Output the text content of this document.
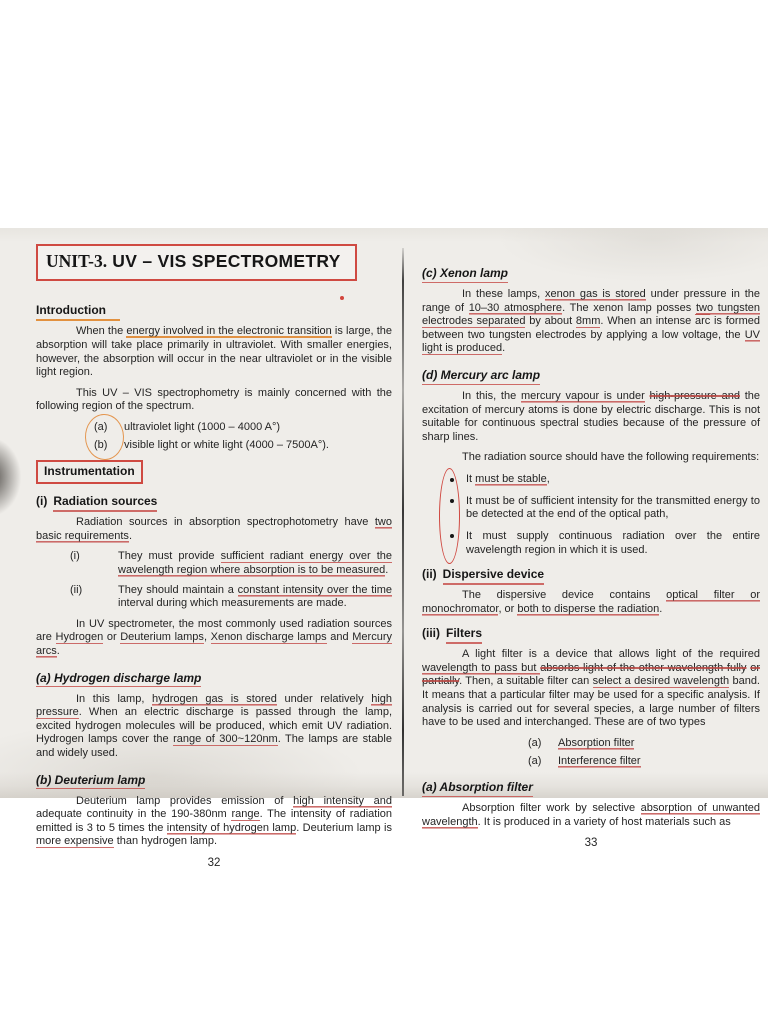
UNIT-3. UV – VIS SPECTROMETRY
Introduction

When the energy involved in the electronic transition is large, the absorption will take place primarily in ultraviolet. With smaller energies, however, the absorption will occur in the near ultraviolet or in the visible light region.

This UV – VIS spectrophometry is mainly concerned with the following region of the spectrum.

(a) ultraviolet light (1000 – 4000 A°)
(b) visible light or white light (4000 – 7500A°).
Instrumentation
(i) Radiation sources

Radiation sources in absorption spectrophotometry have two basic requirements.

(i)	They must provide sufficient radiant energy over the wavelength region where absorption is to be measured.
(ii)	They should maintain a constant intensity over the time interval during which measurements are made.

In UV spectrometer, the most commonly used radiation sources are Hydrogen or Deuterium lamps, Xenon discharge lamps and Mercury arcs.

(a) Hydrogen discharge lamp

In this lamp, hydrogen gas is stored under relatively high pressure. When an electric discharge is passed through the lamp, excited hydrogen molecules will be produced, which emit UV radiation. Hydrogen lamps cover the range of 300~120nm. The lamps are stable and widely used.

(b) Deuterium lamp

Deuterium lamp provides emission of high intensity and adequate continuity in the 190-380nm range. The intensity of radiation emitted is 3 to 5 times the intensity of hydrogen lamp. Deuterium lamp is more expensive than hydrogen lamp.

32
(c) Xenon lamp

In these lamps, xenon gas is stored under pressure in the range of 10–30 atmosphere. The xenon lamp posses two tungsten electrodes separated by about 8mm. When an intense $\overline{arc}$ is formed between two tungsten electrodes by applying a low voltage, the UV light is produced.

(d) Mercury arc lamp

In this, the mercury vapour is under high-pressure and the excitation of mercury atoms is done by electric discharge. This is not suitable for continuous spectral studies because of the pressure of sharp lines.

The radiation source should have the following requirements:

It must be stable,
It must be of sufficient intensity for the transmitted energy to be detected at the end of the optical path,
It must supply continuous radiation over the entire wavelength region in which it is used.
(ii) Dispersive device

The dispersive device contains optical filter or monochromator, or both to disperse the radiation.

(iii) Filters

A light filter is a device that allows light of the required wavelength to pass but absorbs light of the other wavelength fully or partially. Then, a suitable filter can select a desired wavelength band. It means that a particular filter may be used for a specific analysis. If analysis is carried out for several species, a large number of filters have to be used and interchanged. These are of two types

(a) Absorption filter
(a) Interference filter
(a) Absorption filter

Absorption filter work by selective absorption of unwanted wavelength. It is produced in a variety of host materials such as

33
